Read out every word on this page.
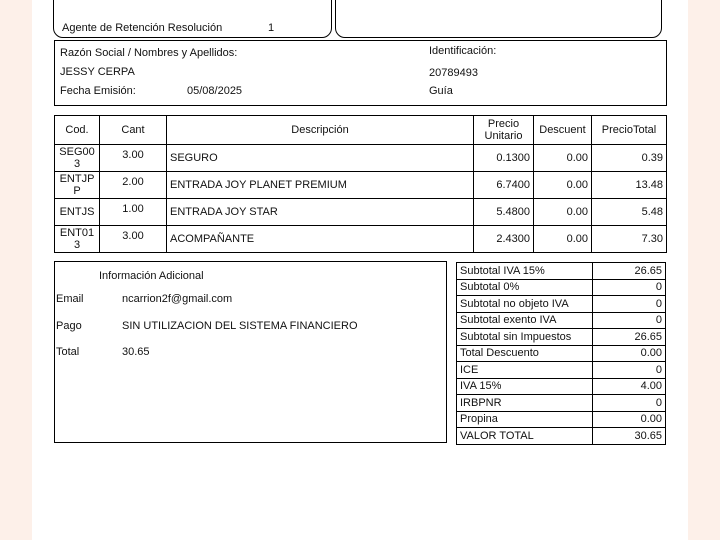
Agente de Retención Resolución	1
Razón Social / Nombres y Apellidos:
JESSY CERPA
Fecha Emisión:	05/08/2025
Identificación:
20789493
Guía
Cod.	Cant	Descripción	Precio Unitario	Descuent	PrecioTotal
SEG003	3.00	SEGURO	0.1300	0.00	0.39
ENTJPP	2.00	ENTRADA JOY PLANET PREMIUM	6.7400	0.00	13.48
ENTJS	1.00	ENTRADA JOY STAR	5.4800	0.00	5.48
ENT013	3.00	ACOMPAÑANTE	2.4300	0.00	7.30
Información Adicional
Email	ncarrion2f@gmail.com
Pago	SIN UTILIZACION DEL SISTEMA FINANCIERO
Total	30.65
Subtotal IVA 15%	26.65
Subtotal 0%	0
Subtotal no objeto IVA	0
Subtotal exento IVA	0
Subtotal sin Impuestos	26.65
Total Descuento	0.00
ICE	0
IVA 15%	4.00
IRBPNR	0
Propina	0.00
VALOR TOTAL	30.65
